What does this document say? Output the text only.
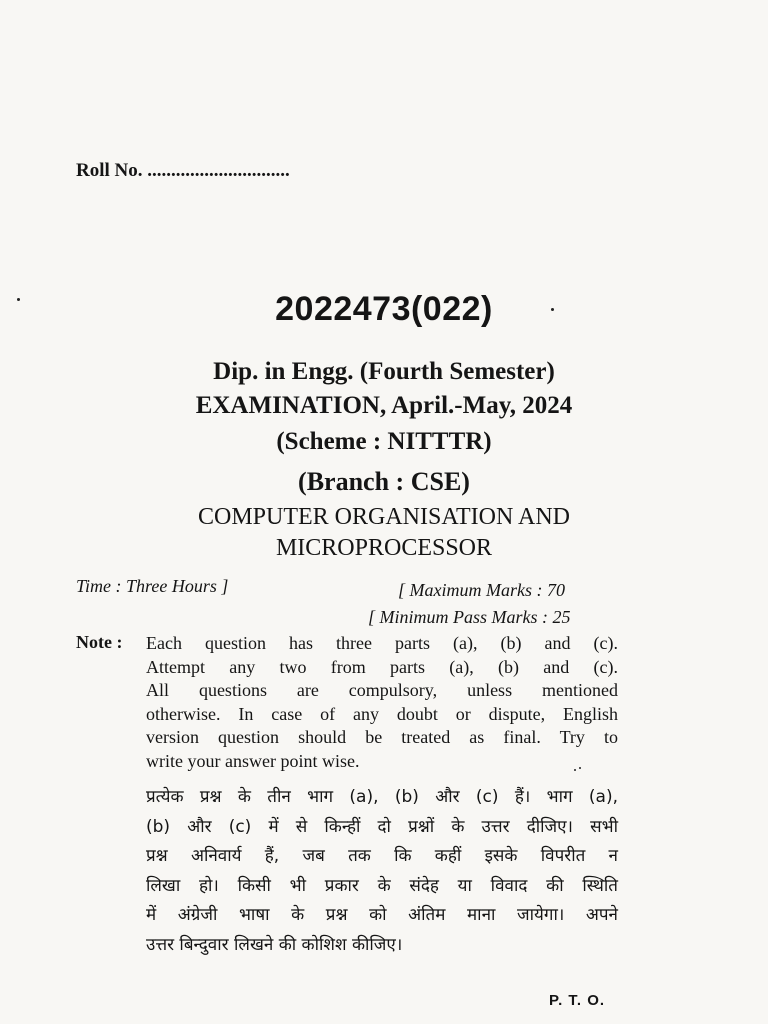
Roll No. ..............................
2022473(022)
Dip. in Engg. (Fourth Semester)
EXAMINATION, April.-May, 2024
(Scheme : NITTTR)
(Branch : CSE)
COMPUTER ORGANISATION AND
MICROPROCESSOR
Time : Three Hours ]	[ Maximum Marks : 70
[ Minimum Pass Marks : 25
Note : Each question has three parts (a), (b) and (c).
Attempt any two from parts (a), (b) and (c).
All questions are compulsory, unless mentioned
otherwise. In case of any doubt or dispute, English
version question should be treated as final. Try to
write your answer point wise.
प्रत्येक प्रश्न के तीन भाग (a), (b) और (c) हैं। भाग (a),
(b) और (c) में से किन्हीं दो प्रश्नों के उत्तर दीजिए। सभी
प्रश्न अनिवार्य हैं, जब तक कि कहीं इसके विपरीत न
लिखा हो। किसी भी प्रकार के संदेह या विवाद की स्थिति
में अंग्रेजी भाषा के प्रश्न को अंतिम माना जायेगा। अपने
उत्तर बिन्दुवार लिखने की कोशिश कीजिए।
P. T. O.
